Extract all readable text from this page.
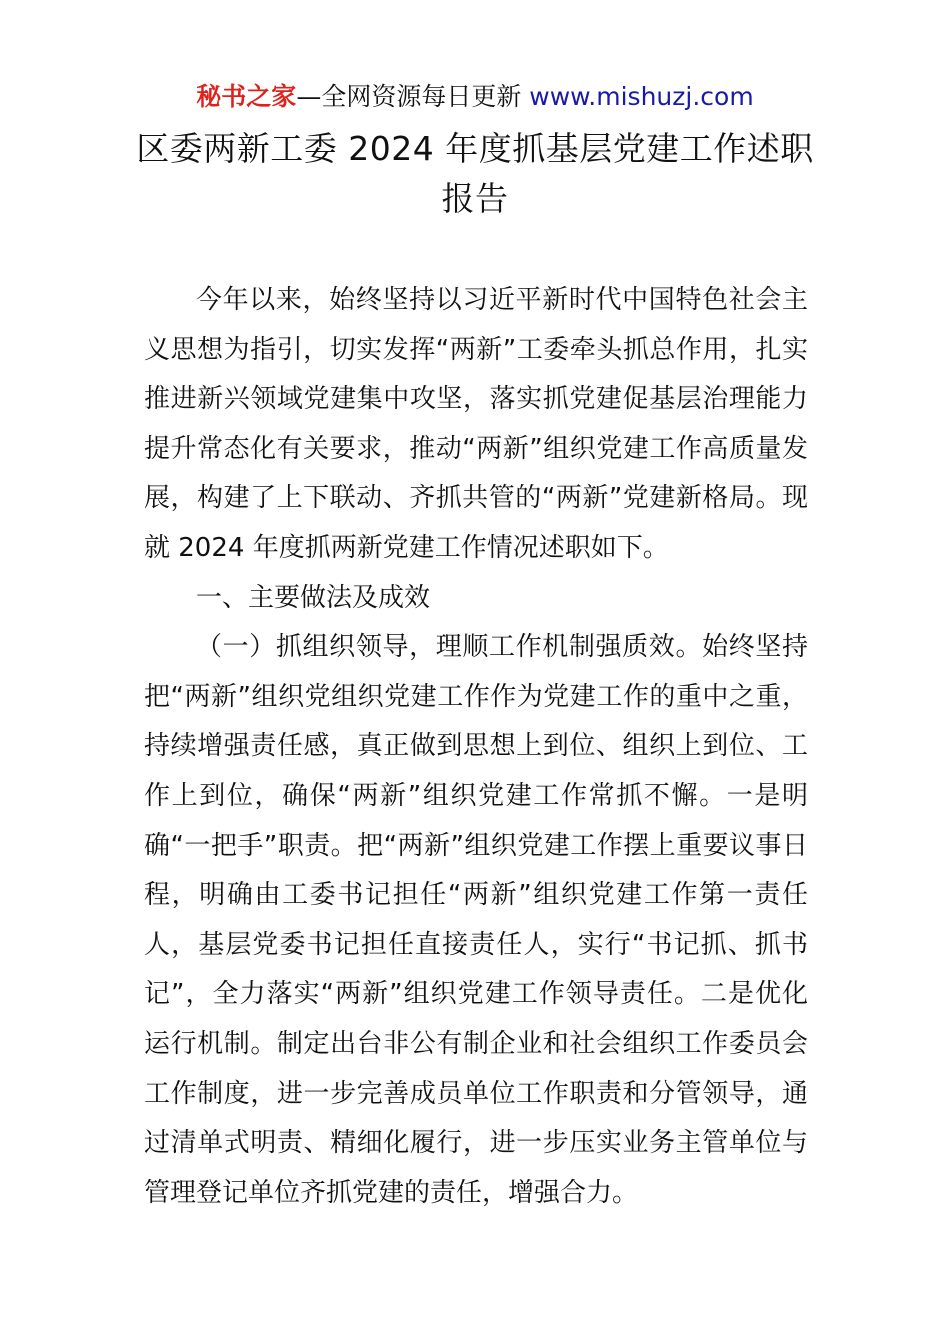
秘书之家—全网资源每日更新 www.mishuzj.com
区委两新工委 2024 年度抓基层党建工作述职
报告

今年以来，始终坚持以习近平新时代中国特色社会主义思想为指引，切实发挥“两新”工委牵头抓总作用，扎实推进新兴领域党建集中攻坚，落实抓党建促基层治理能力提升常态化有关要求，推动“两新”组织党建工作高质量发展，构建了上下联动、齐抓共管的“两新”党建新格局。现就 2024 年度抓两新党建工作情况述职如下。

一、主要做法及成效

（一）抓组织领导，理顺工作机制强质效。始终坚持把“两新”组织党组织党建工作作为党建工作的重中之重，持续增强责任感，真正做到思想上到位、组织上到位、工作上到位，确保“两新”组织党建工作常抓不懈。一是明确“一把手”职责。把“两新”组织党建工作摆上重要议事日程，明确由工委书记担任“两新”组织党建工作第一责任人，基层党委书记担任直接责任人，实行“书记抓、抓书记”，全力落实“两新”组织党建工作领导责任。二是优化运行机制。制定出台非公有制企业和社会组织工作委员会工作制度，进一步完善成员单位工作职责和分管领导，通过清单式明责、精细化履行，进一步压实业务主管单位与管理登记单位齐抓党建的责任，增强合力。
